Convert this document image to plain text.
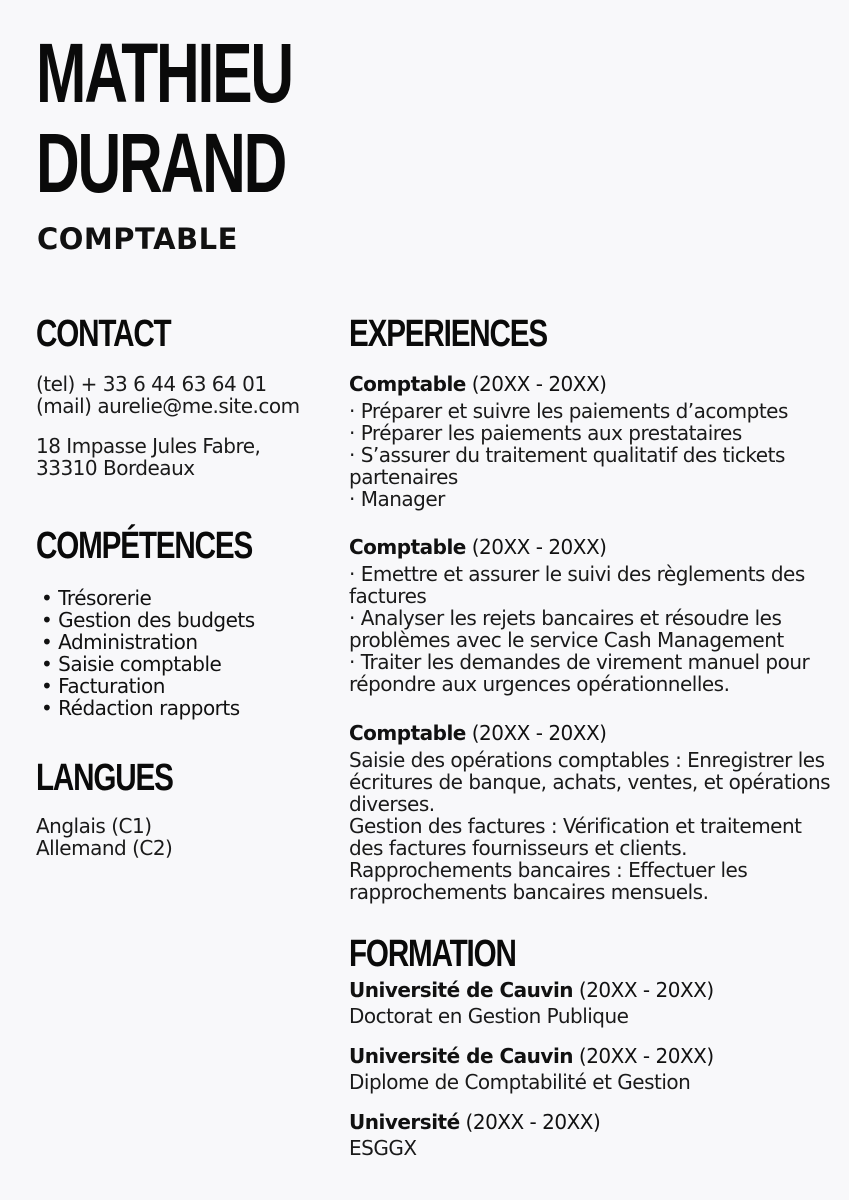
MATHIEU
DURAND
COMPTABLE
CONTACT

(tel) + 33 6 44 63 64 01

(mail) aurelie@me.site.com

18 Impasse Jules Fabre,

33310 Bordeaux

COMPÉTENCES
• Trésorerie
• Gestion des budgets
• Administration
• Saisie comptable
• Facturation
• Rédaction rapports
LANGUES

Anglais (C1)

Allemand (C2)

EXPERIENCES

Comptable (20XX - 20XX)

· Préparer et suivre les paiements d’acomptes

· Préparer les paiements aux prestataires

· S’assurer du traitement qualitatif des tickets partenaires

· Manager

Comptable (20XX - 20XX)

· Emettre et assurer le suivi des règlements des factures

· Analyser les rejets bancaires et résoudre les problèmes avec le service Cash Management

· Traiter les demandes de virement manuel pour répondre aux urgences opérationnelles.

Comptable (20XX - 20XX)

Saisie des opérations comptables : Enregistrer les écritures de banque, achats, ventes, et opérations diverses.

Gestion des factures : Vérification et traitement des factures fournisseurs et clients.

Rapprochements bancaires : Effectuer les rapprochements bancaires mensuels.

FORMATION

Université de Cauvin (20XX - 20XX)

Doctorat en Gestion Publique

Université de Cauvin (20XX - 20XX)

Diplome de Comptabilité et Gestion

Université (20XX - 20XX)

ESGGX
